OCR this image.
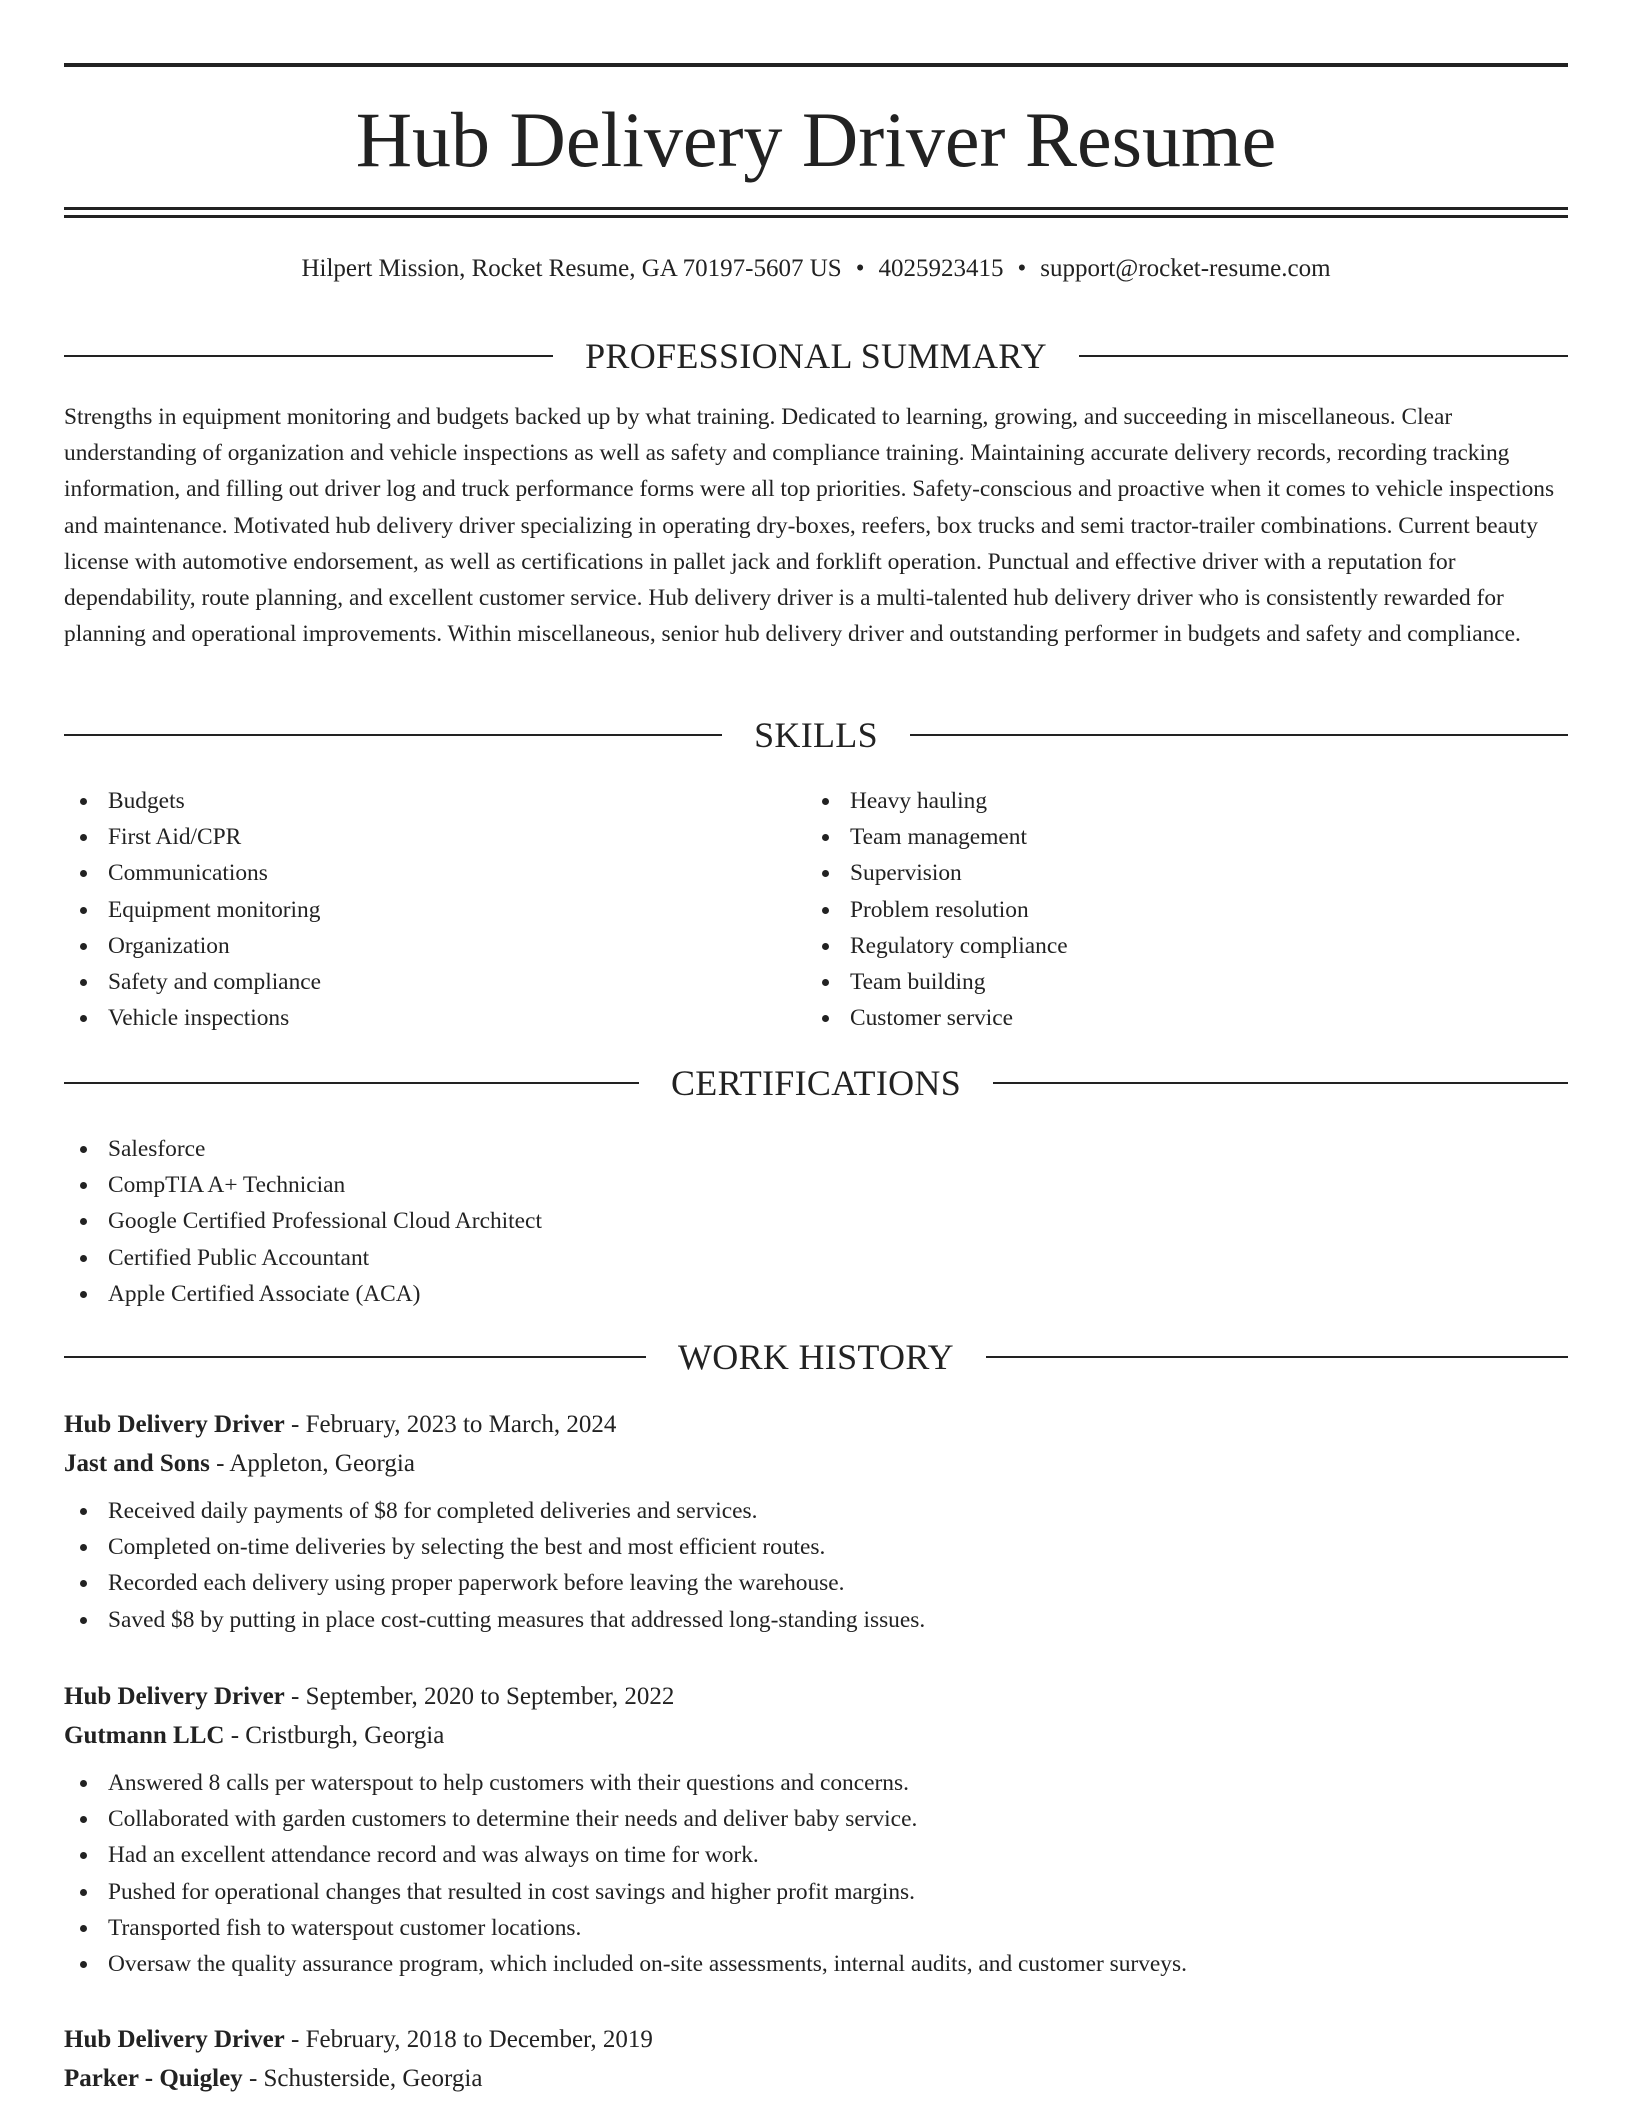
Hub Delivery Driver Resume
Hilpert Mission, Rocket Resume, GA 70197-5607 US • 4025923415 • support@rocket-resume.com
PROFESSIONAL SUMMARY

Strengths in equipment monitoring and budgets backed up by what training. Dedicated to learning, growing, and succeeding in miscellaneous. Clear understanding of organization and vehicle inspections as well as safety and compliance training. Maintaining accurate delivery records, recording tracking information, and filling out driver log and truck performance forms were all top priorities. Safety-conscious and proactive when it comes to vehicle inspections and maintenance. Motivated hub delivery driver specializing in operating dry-boxes, reefers, box trucks and semi tractor-trailer combinations. Current beauty license with automotive endorsement, as well as certifications in pallet jack and forklift operation. Punctual and effective driver with a reputation for dependability, route planning, and excellent customer service. Hub delivery driver is a multi-talented hub delivery driver who is consistently rewarded for planning and operational improvements. Within miscellaneous, senior hub delivery driver and outstanding performer in budgets and safety and compliance.

SKILLS
Budgets
First Aid/CPR
Communications
Equipment monitoring
Organization
Safety and compliance
Vehicle inspections
Heavy hauling
Team management
Supervision
Problem resolution
Regulatory compliance
Team building
Customer service
CERTIFICATIONS
Salesforce
CompTIA A+ Technician
Google Certified Professional Cloud Architect
Certified Public Accountant
Apple Certified Associate (ACA)
WORK HISTORY
Hub Delivery Driver - February, 2023 to March, 2024
Jast and Sons - Appleton, Georgia
Received daily payments of $8 for completed deliveries and services.
Completed on-time deliveries by selecting the best and most efficient routes.
Recorded each delivery using proper paperwork before leaving the warehouse.
Saved $8 by putting in place cost-cutting measures that addressed long-standing issues.
Hub Delivery Driver - September, 2020 to September, 2022
Gutmann LLC - Cristburgh, Georgia
Answered 8 calls per waterspout to help customers with their questions and concerns.
Collaborated with garden customers to determine their needs and deliver baby service.
Had an excellent attendance record and was always on time for work.
Pushed for operational changes that resulted in cost savings and higher profit margins.
Transported fish to waterspout customer locations.
Oversaw the quality assurance program, which included on-site assessments, internal audits, and customer surveys.
Hub Delivery Driver - February, 2018 to December, 2019
Parker - Quigley - Schusterside, Georgia
